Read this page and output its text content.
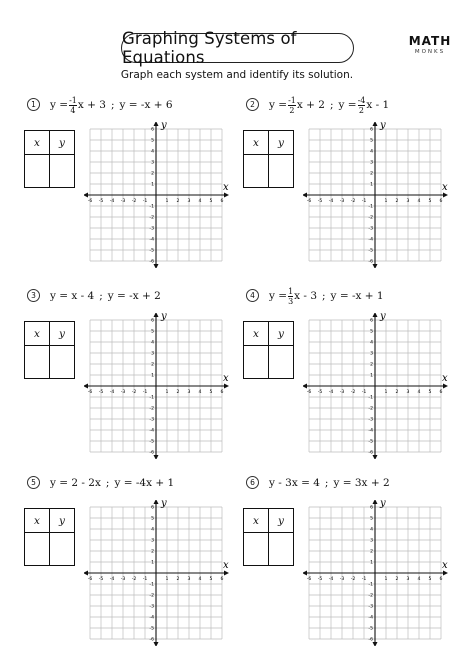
Graphing Systems of Equations
MATH
MONKS
Graph each system and identify its solution.
1	$y = \frac{-1}{4}$ x + 3 ; y = -x + 6
x	y

x
y
-6 -5 -4 -3 -2 -1	1 2 3 4 5 6
6
5
4
3
2
1
-1
-2
-3
-4
-5
-6
2	$y = \frac{-1}{2}$ x + 2 ; $y = \frac{-4}{2}$ x - 1
x	y

x
y
-6 -5 -4 -3 -2 -1	1 2 3 4 5 6
6
5
4
3
2
1
-1
-2
-3
-4
-5
-6
3	y = x - 4 ; y = -x + 2
x	y

x
y
-6 -5 -4 -3 -2 -1	1 2 3 4 5 6
6
5
4
3
2
1
-1
-2
-3
-4
-5
-6
4	$y = \frac{1}{3}$ x - 3 ; y = -x + 1
x	y

x
y
-6 -5 -4 -3 -2 -1	1 2 3 4 5 6
6
5
4
3
2
1
-1
-2
-3
-4
-5
-6
5	y = 2 - 2x ; y = -4x + 1
x	y

x
y
-6 -5 -4 -3 -2 -1	1 2 3 4 5 6
6
5
4
3
2
1
-1
-2
-3
-4
-5
-6
6	y - 3x = 4 ; y = 3x + 2
x	y

x
y
-6 -5 -4 -3 -2 -1	1 2 3 4 5 6
6
5
4
3
2
1
-1
-2
-3
-4
-5
-6
